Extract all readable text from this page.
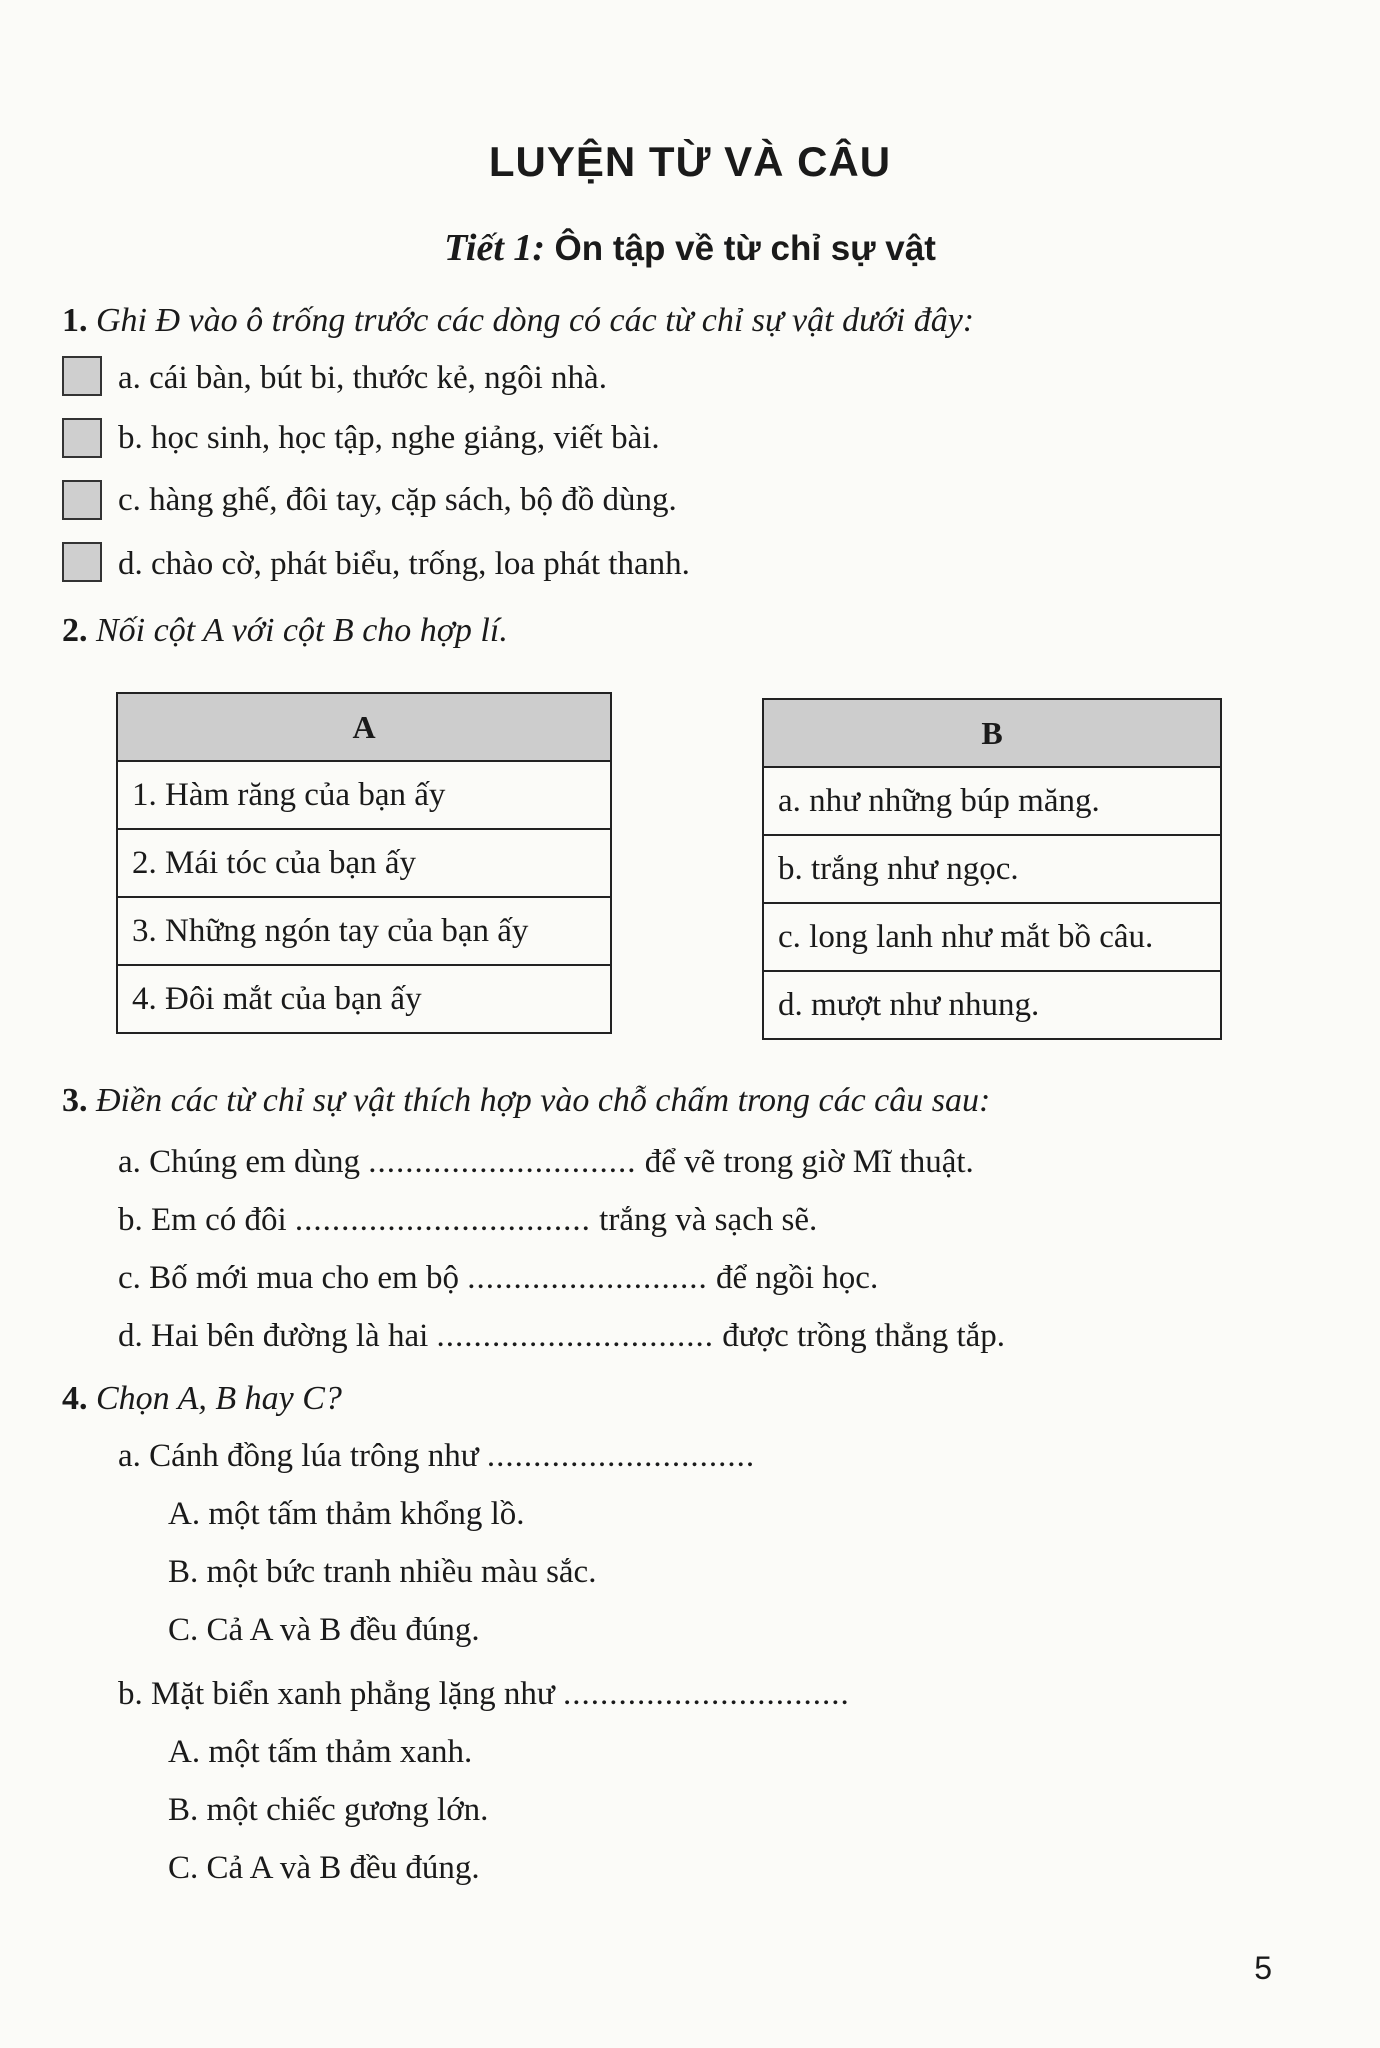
LUYỆN TỪ VÀ CÂU
Tiết 1: Ôn tập về từ chỉ sự vật
1. Ghi Đ vào ô trống trước các dòng có các từ chỉ sự vật dưới đây:
a. cái bàn, bút bi, thước kẻ, ngôi nhà.
b. học sinh, học tập, nghe giảng, viết bài.
c. hàng ghế, đôi tay, cặp sách, bộ đồ dùng.
d. chào cờ, phát biểu, trống, loa phát thanh.
2. Nối cột A với cột B cho hợp lí.
A
1. Hàm răng của bạn ấy
2. Mái tóc của bạn ấy
3. Những ngón tay của bạn ấy
4. Đôi mắt của bạn ấy
B
a. như những búp măng.
b. trắng như ngọc.
c. long lanh như mắt bồ câu.
d. mượt như nhung.
3. Điền các từ chỉ sự vật thích hợp vào chỗ chấm trong các câu sau:
a. Chúng em dùng ............................. để vẽ trong giờ Mĩ thuật.
b. Em có đôi ................................ trắng và sạch sẽ.
c. Bố mới mua cho em bộ .......................... để ngồi học.
d. Hai bên đường là hai .............................. được trồng thẳng tắp.
4. Chọn A, B hay C?
a. Cánh đồng lúa trông như .............................
A. một tấm thảm khổng lồ.
B. một bức tranh nhiều màu sắc.
C. Cả A và B đều đúng.
b. Mặt biển xanh phẳng lặng như ...............................
A. một tấm thảm xanh.
B. một chiếc gương lớn.
C. Cả A và B đều đúng.
5
